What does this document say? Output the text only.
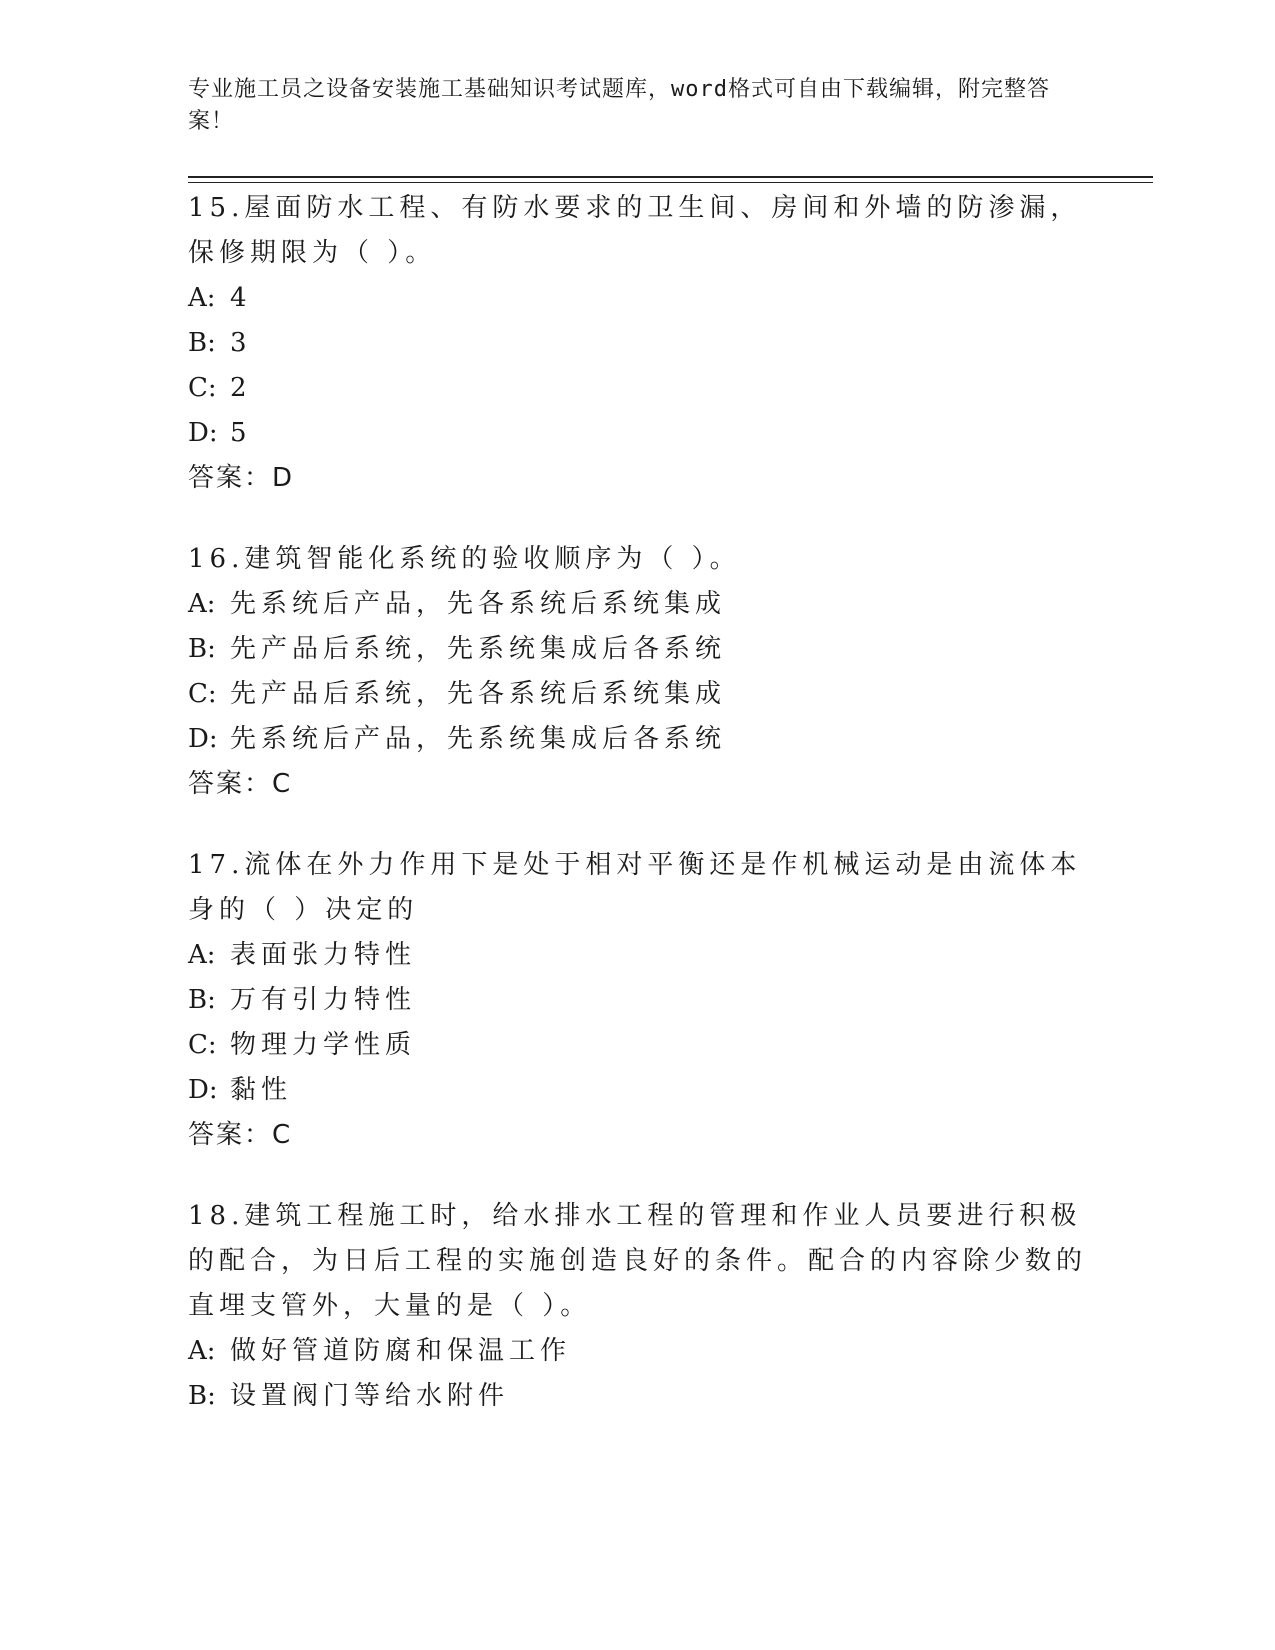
专业施工员之设备安装施工基础知识考试题库，word格式可自由下载编辑，附完整答案！

15.屋面防水工程、有防水要求的卫生间、房间和外墙的防渗漏，保修期限为（ ）。

A: 4

B: 3

C: 2

D: 5

答案：D

16.建筑智能化系统的验收顺序为（ ）。

A: 先系统后产品，先各系统后系统集成

B: 先产品后系统，先系统集成后各系统

C: 先产品后系统，先各系统后系统集成

D: 先系统后产品，先系统集成后各系统

答案：C

17.流体在外力作用下是处于相对平衡还是作机械运动是由流体本身的（ ）决定的

A: 表面张力特性

B: 万有引力特性

C: 物理力学性质

D: 黏性

答案：C

18.建筑工程施工时，给水排水工程的管理和作业人员要进行积极的配合，为日后工程的实施创造良好的条件。配合的内容除少数的直埋支管外，大量的是（ ）。

A: 做好管道防腐和保温工作

B: 设置阀门等给水附件
